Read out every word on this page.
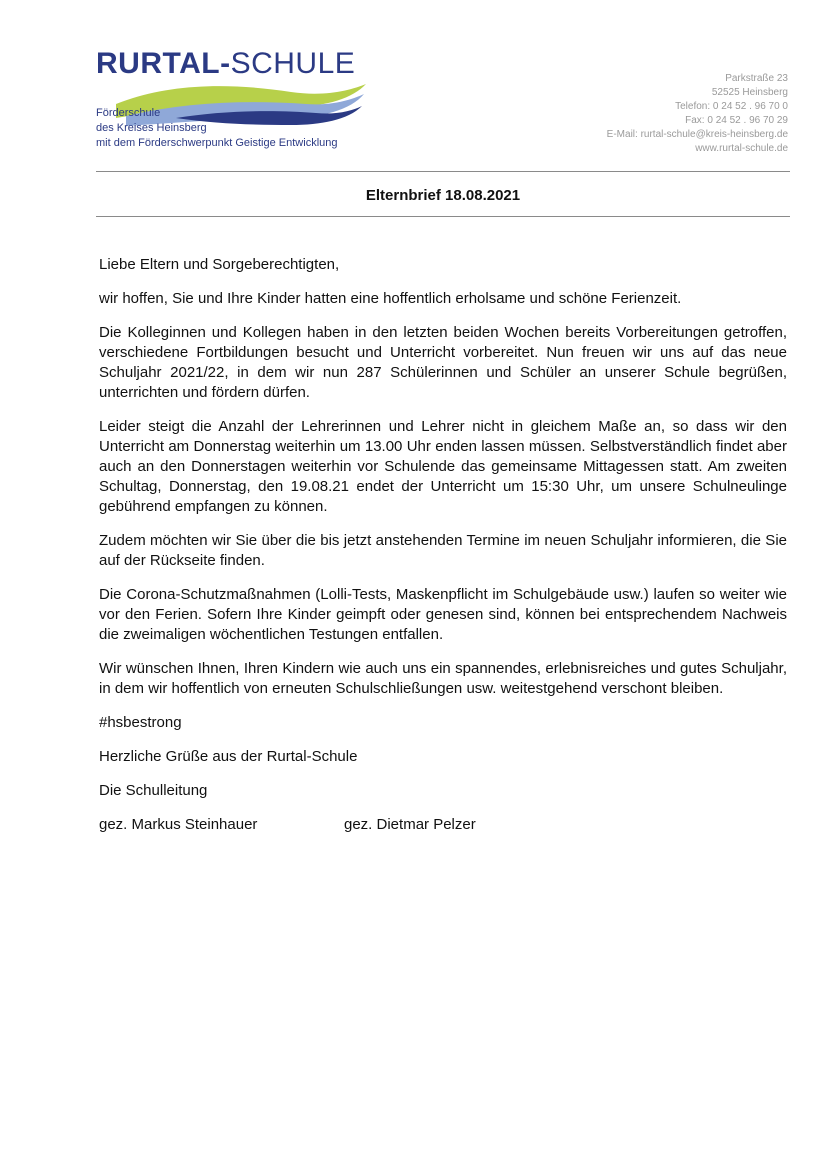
RURTAL-SCHULE
Förderschule
des Kreises Heinsberg
mit dem Förderschwerpunkt Geistige Entwicklung
Parkstraße 23
52525 Heinsberg
Telefon: 0 24 52 . 96 70 0
Fax: 0 24 52 . 96 70 29
E-Mail: rurtal-schule@kreis-heinsberg.de
www.rurtal-schule.de
Elternbrief 18.08.2021

Liebe Eltern und Sorgeberechtigten,

wir hoffen, Sie und Ihre Kinder hatten eine hoffentlich erholsame und schöne Ferienzeit.

Die Kolleginnen und Kollegen haben in den letzten beiden Wochen bereits Vorbereitungen getroffen, verschiedene Fortbildungen besucht und Unterricht vorbereitet. Nun freuen wir uns auf das neue Schuljahr 2021/22, in dem wir nun 287 Schülerinnen und Schüler an unserer Schule begrüßen, unterrichten und fördern dürfen.

Leider steigt die Anzahl der Lehrerinnen und Lehrer nicht in gleichem Maße an, so dass wir den Unterricht am Donnerstag weiterhin um 13.00 Uhr enden lassen müssen. Selbstverständlich findet aber auch an den Donnerstagen weiterhin vor Schulende das gemeinsame Mittagessen statt. Am zweiten Schultag, Donnerstag, den 19.08.21 endet der Unterricht um 15:30 Uhr, um unsere Schulneulinge gebührend empfangen zu können.

Zudem möchten wir Sie über die bis jetzt anstehenden Termine im neuen Schuljahr informieren, die Sie auf der Rückseite finden.

Die Corona-Schutzmaßnahmen (Lolli-Tests, Maskenpflicht im Schulgebäude usw.) laufen so weiter wie vor den Ferien. Sofern Ihre Kinder geimpft oder genesen sind, können bei entsprechendem Nachweis die zweimaligen wöchentlichen Testungen entfallen.

Wir wünschen Ihnen, Ihren Kindern wie auch uns ein spannendes, erlebnisreiches und gutes Schuljahr, in dem wir hoffentlich von erneuten Schulschließungen usw. weitestgehend verschont bleiben.

#hsbestrong

Herzliche Grüße aus der Rurtal-Schule

Die Schulleitung

gez. Markus Steinhauer	gez. Dietmar Pelzer
